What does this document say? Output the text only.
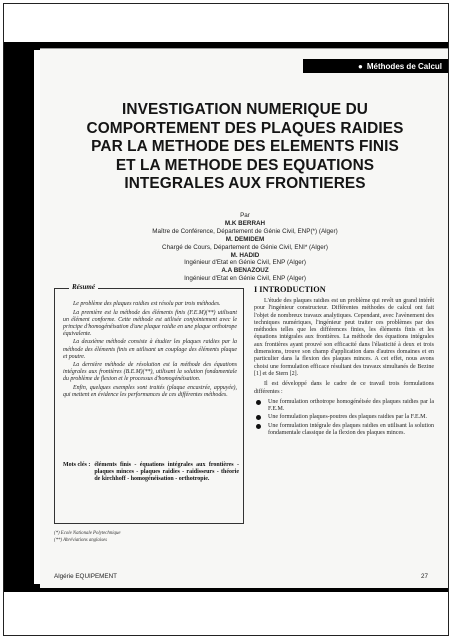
● Méthodes de Calcul
INVESTIGATION NUMERIQUE DU
COMPORTEMENT DES PLAQUES RAIDIES
PAR LA METHODE DES ELEMENTS FINIS
ET LA METHODE DES EQUATIONS
INTEGRALES AUX FRONTIERES
Par
M.K BERRAH
Maître de Conférence, Département de Génie Civil, ENP(*) (Alger)
M. DEMIDEM
Chargé de Cours, Département de Génie Civil, ENI* (Alger)
M. HADID
Ingénieur d'Etat en Génie Civil, ENP (Alger)
A.A BENAZOUZ
Ingénieur d'Etat en Génie Civil, ENP (Alger)
Résumé

Le problème des plaques raidies est résolu par trois méthodes.

La première est la méthode des éléments finis (F.E.M)(**) utilisant un élément conforme. Cette méthode est utilisée conjointement avec le principe d'homogénéisation d'une plaque raidie en une plaque orthotrope équivalente.

La deuxième méthode consiste à étudier les plaques raidies par la méthode des éléments finis en utilisant un couplage des éléments plaque et poutre.

La dernière méthode de résolution est la méthode des équations intégrales aux frontières (B.E.M)(**), utilisant la solution fondamentale du problème de flexion et le processus d'homogénéisation.

Enfin, quelques exemples sont traités (plaque encastrée, appuyée), qui mettent en évidence les performances de ces différentes méthodes.

Mots clés : éléments finis - équations intégrales aux frontières - plaques minces - plaques raidies - raidisseurs - théorie de kirchhoff - homogénéisation - orthotropie.
(*) Ecole Nationale Polytechnique
(**) Abréviations anglaises
Algérie EQUIPEMENT	27
I INTRODUCTION

L'étude des plaques raidies est un problème qui revêt un grand intérêt pour l'ingénieur constructeur. Différentes méthodes de calcul ont fait l'objet de nombreux travaux analytiques. Cependant, avec l'avènement des techniques numériques, l'ingénieur peut traiter ces problèmes par des méthodes telles que les différences finies, les éléments finis et les équations intégrales aux frontières. La méthode des équations intégrales aux frontières ayant prouvé son efficacité dans l'élasticité à deux et trois dimensions, trouve son champ d'application dans d'autres domaines et en particulier dans la flexion des plaques minces. A cet effet, nous avons choisi une formulation efficace résultant des travaux simultanés de Bezine [1] et de Stern [2].

Il est développé dans le cadre de ce travail trois formulations différentes :

Une formulation orthotrope homogénéisée des plaques raidies par la F.E.M.
Une formulation plaques-poutres des plaques raidies par la F.E.M.
Une formulation intégrale des plaques raidies en utilisant la solution fondamentale classique de la flexion des plaques minces.
